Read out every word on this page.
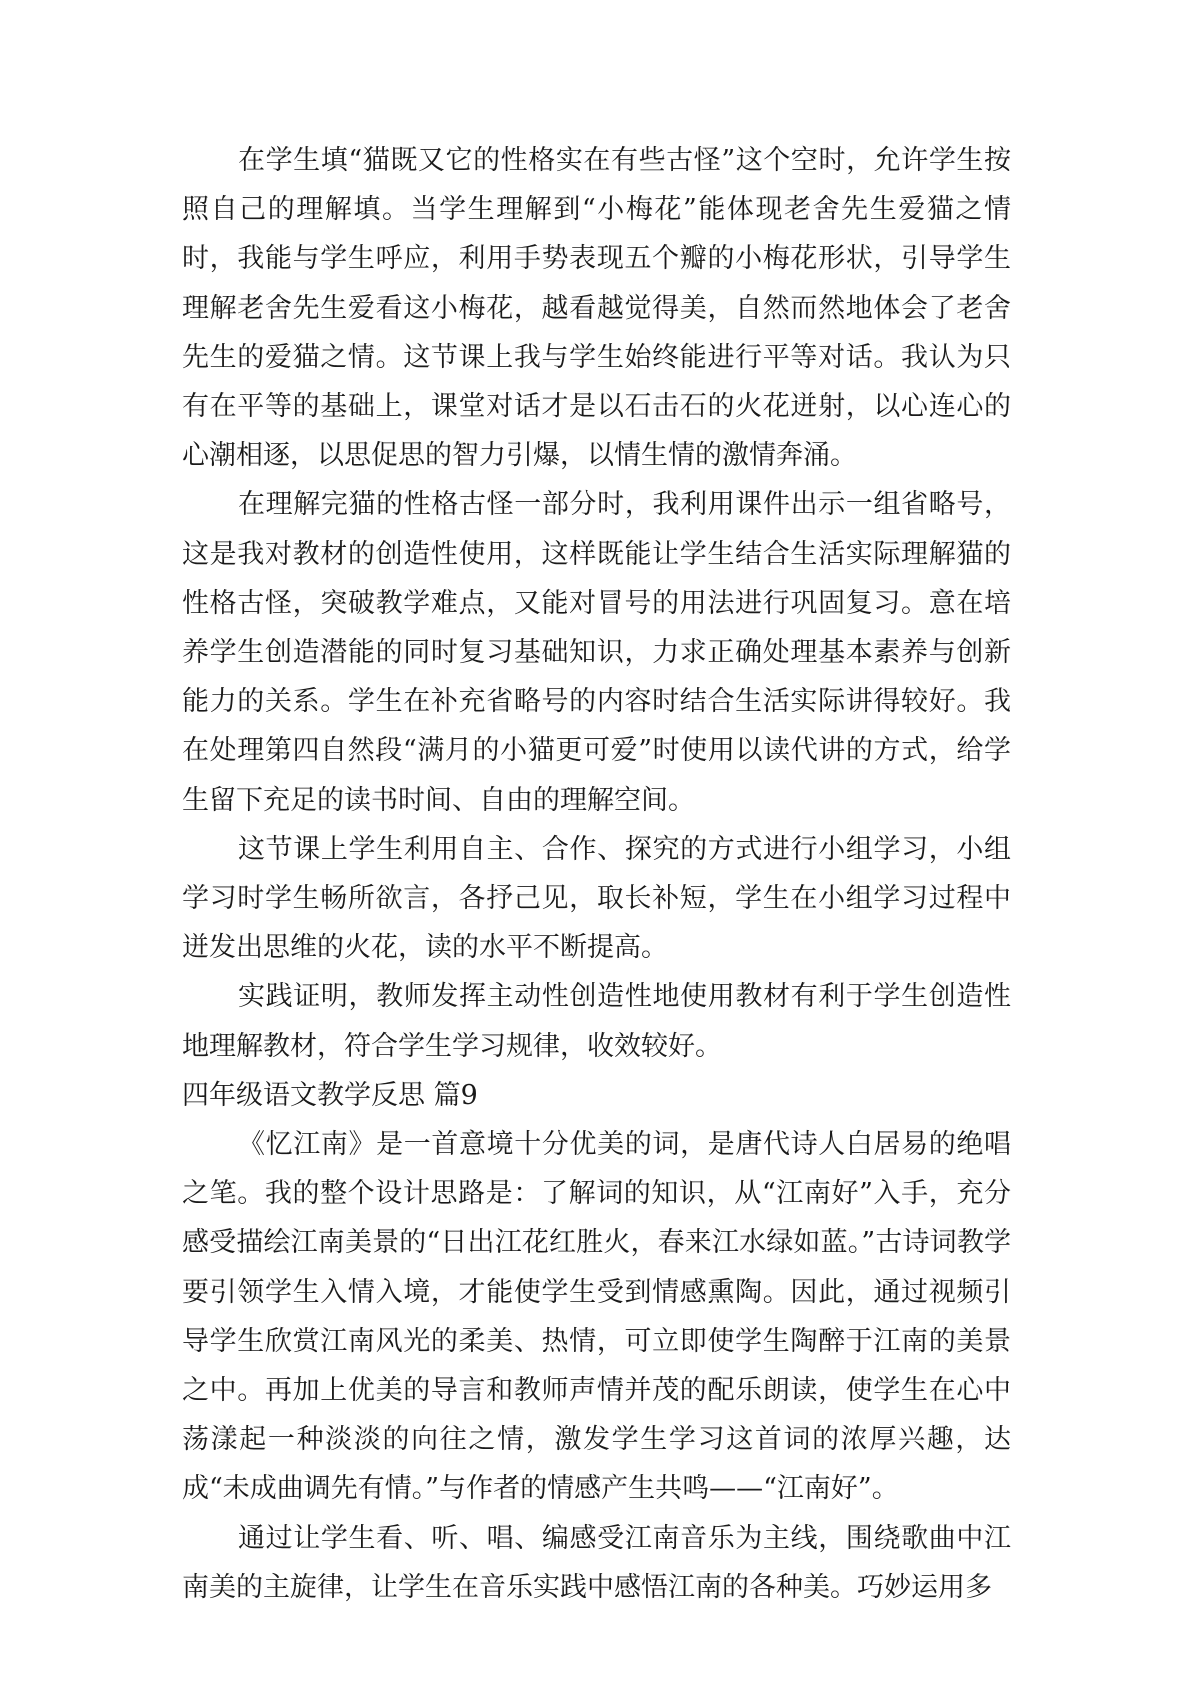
在学生填“猫既又它的性格实在有些古怪”这个空时，允许学生按照自己的理解填。当学生理解到“小梅花”能体现老舍先生爱猫之情时，我能与学生呼应，利用手势表现五个瓣的小梅花形状，引导学生理解老舍先生爱看这小梅花，越看越觉得美，自然而然地体会了老舍先生的爱猫之情。这节课上我与学生始终能进行平等对话。我认为只有在平等的基础上，课堂对话才是以石击石的火花迸射，以心连心的心潮相逐，以思促思的智力引爆，以情生情的激情奔涌。

在理解完猫的性格古怪一部分时，我利用课件出示一组省略号，这是我对教材的创造性使用，这样既能让学生结合生活实际理解猫的性格古怪，突破教学难点，又能对冒号的用法进行巩固复习。意在培养学生创造潜能的同时复习基础知识，力求正确处理基本素养与创新能力的关系。学生在补充省略号的内容时结合生活实际讲得较好。我在处理第四自然段“满月的小猫更可爱”时使用以读代讲的方式，给学生留下充足的读书时间、自由的理解空间。

这节课上学生利用自主、合作、探究的方式进行小组学习，小组学习时学生畅所欲言，各抒己见，取长补短，学生在小组学习过程中迸发出思维的火花，读的水平不断提高。

实践证明，教师发挥主动性创造性地使用教材有利于学生创造性地理解教材，符合学生学习规律，收效较好。

四年级语文教学反思 篇9

《忆江南》是一首意境十分优美的词，是唐代诗人白居易的绝唱之笔。我的整个设计思路是：了解词的知识，从“江南好”入手，充分感受描绘江南美景的“日出江花红胜火，春来江水绿如蓝。”古诗词教学要引领学生入情入境，才能使学生受到情感熏陶。因此，通过视频引导学生欣赏江南风光的柔美、热情，可立即使学生陶醉于江南的美景之中。再加上优美的导言和教师声情并茂的配乐朗读，使学生在心中荡漾起一种淡淡的向往之情，激发学生学习这首词的浓厚兴趣，达成“未成曲调先有情。”与作者的情感产生共鸣——“江南好”。

通过让学生看、听、唱、编感受江南音乐为主线，围绕歌曲中江南美的主旋律，让学生在音乐实践中感悟江南的各种美。巧妙运用多
